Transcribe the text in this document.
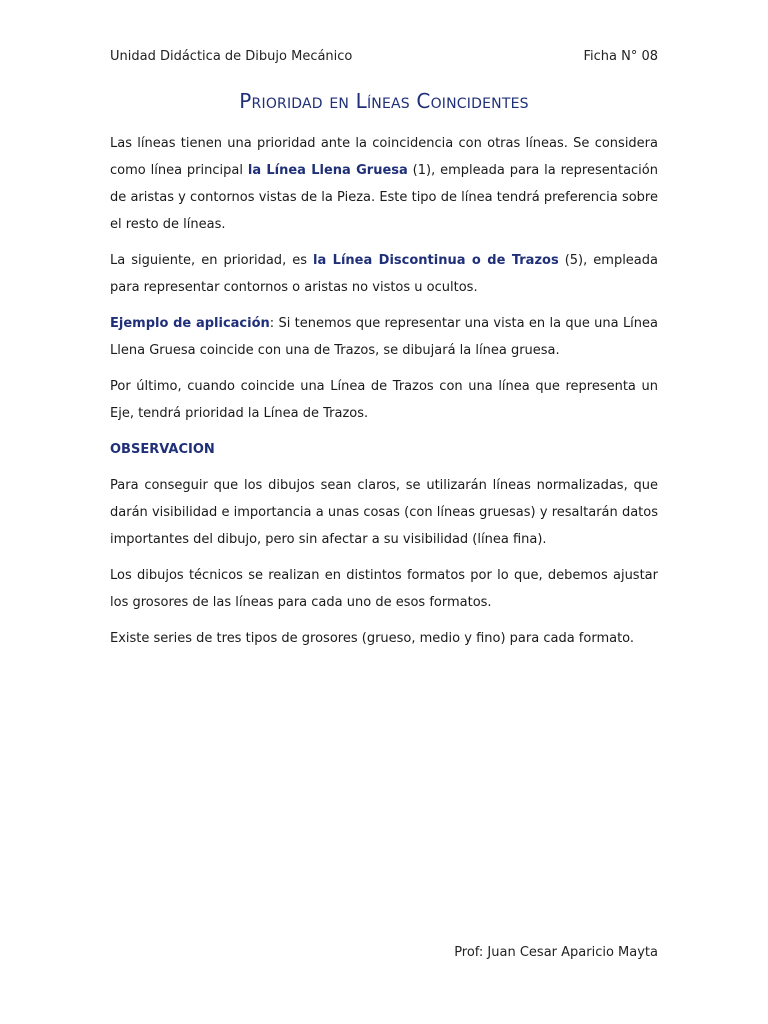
Unidad Didáctica de Dibujo Mecánico	Ficha N° 08
Prioridad en Líneas Coincidentes

Las líneas tienen una prioridad ante la coincidencia con otras líneas. Se considera como línea principal la Línea Llena Gruesa (1), empleada para la representación de aristas y contornos vistas de la Pieza. Este tipo de línea tendrá preferencia sobre el resto de líneas.

La siguiente, en prioridad, es la Línea Discontinua o de Trazos (5), empleada para representar contornos o aristas no vistos u ocultos.

Ejemplo de aplicación: Si tenemos que representar una vista en la que una Línea Llena Gruesa coincide con una de Trazos, se dibujará la línea gruesa.

Por último, cuando coincide una Línea de Trazos con una línea que representa un Eje, tendrá prioridad la Línea de Trazos.

OBSERVACION

Para conseguir que los dibujos sean claros, se utilizarán líneas normalizadas, que darán visibilidad e importancia a unas cosas (con líneas gruesas) y resaltarán datos importantes del dibujo, pero sin afectar a su visibilidad (línea fina).

Los dibujos técnicos se realizan en distintos formatos por lo que, debemos ajustar los grosores de las líneas para cada uno de esos formatos.

Existe series de tres tipos de grosores (grueso, medio y fino) para cada formato.

Prof: Juan Cesar Aparicio Mayta
